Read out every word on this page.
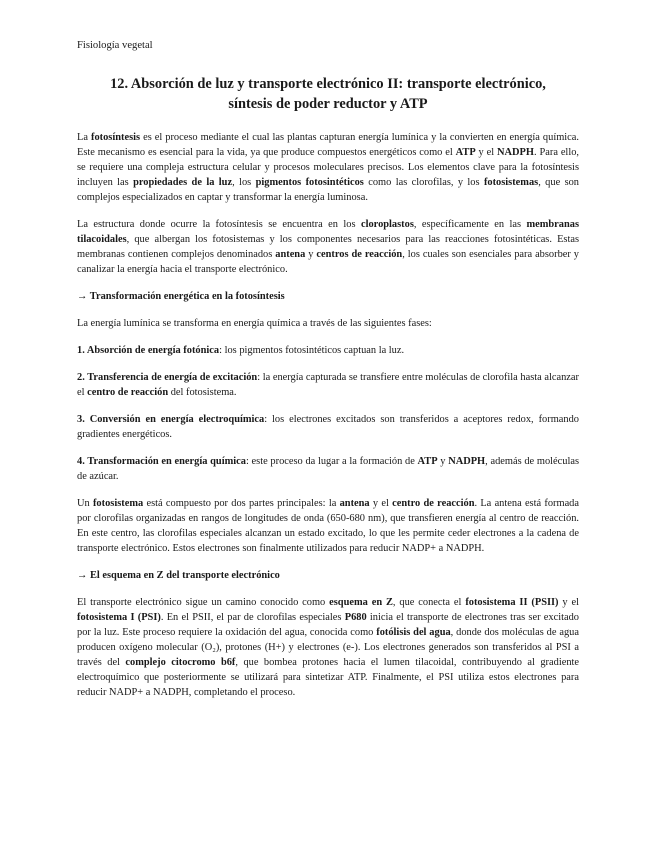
Fisiología vegetal
12. Absorción de luz y transporte electrónico II: transporte electrónico,
síntesis de poder reductor y ATP

La fotosíntesis es el proceso mediante el cual las plantas capturan energía lumínica y la convierten en energía química. Este mecanismo es esencial para la vida, ya que produce compuestos energéticos como el ATP y el NADPH. Para ello, se requiere una compleja estructura celular y procesos moleculares precisos. Los elementos clave para la fotosíntesis incluyen las propiedades de la luz, los pigmentos fotosintéticos como las clorofilas, y los fotosistemas, que son complejos especializados en captar y transformar la energía luminosa.

La estructura donde ocurre la fotosíntesis se encuentra en los cloroplastos, específicamente en las membranas tilacoidales, que albergan los fotosistemas y los componentes necesarios para las reacciones fotosintéticas. Estas membranas contienen complejos denominados antena y centros de reacción, los cuales son esenciales para absorber y canalizar la energía hacia el transporte electrónico.

→ Transformación energética en la fotosíntesis

La energía lumínica se transforma en energía química a través de las siguientes fases:

1. Absorción de energía fotónica: los pigmentos fotosintéticos captuan la luz.

2. Transferencia de energía de excitación: la energía capturada se transfiere entre moléculas de clorofila hasta alcanzar el centro de reacción del fotosistema.

3. Conversión en energía electroquímica: los electrones excitados son transferidos a aceptores redox, formando gradientes energéticos.

4. Transformación en energía química: este proceso da lugar a la formación de ATP y NADPH, además de moléculas de azúcar.

Un fotosistema está compuesto por dos partes principales: la antena y el centro de reacción. La antena está formada por clorofilas organizadas en rangos de longitudes de onda (650-680 nm), que transfieren energía al centro de reacción. En este centro, las clorofilas especiales alcanzan un estado excitado, lo que les permite ceder electrones a la cadena de transporte electrónico. Estos electrones son finalmente utilizados para reducir NADP+ a NADPH.

→ El esquema en Z del transporte electrónico

El transporte electrónico sigue un camino conocido como esquema en Z, que conecta el fotosistema II (PSII) y el fotosistema I (PSI). En el PSII, el par de clorofilas especiales P680 inicia el transporte de electrones tras ser excitado por la luz. Este proceso requiere la oxidación del agua, conocida como fotólisis del agua, donde dos moléculas de agua producen oxígeno molecular (O₂), protones (H+) y electrones (e-). Los electrones generados son transferidos al PSI a través del complejo citocromo b6f, que bombea protones hacia el lumen tilacoidal, contribuyendo al gradiente electroquímico que posteriormente se utilizará para sintetizar ATP. Finalmente, el PSI utiliza estos electrones para reducir NADP+ a NADPH, completando el proceso.
